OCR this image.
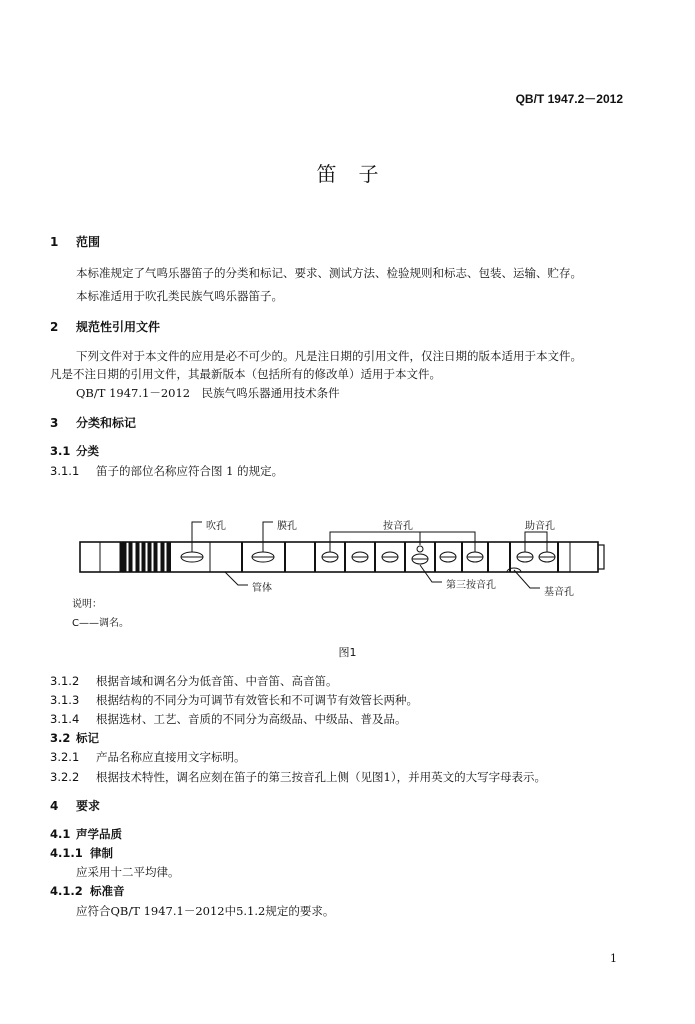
QB/T 1947.2－2012
笛子
1 范围
本标准规定了气鸣乐器笛子的分类和标记、要求、测试方法、检验规则和标志、包装、运输、贮存。
本标准适用于吹孔类民族气鸣乐器笛子。
2 规范性引用文件
下列文件对于本文件的应用是必不可少的。凡是注日期的引用文件，仅注日期的版本适用于本文件。
凡是不注日期的引用文件，其最新版本（包括所有的修改单）适用于本文件。
QB/T 1947.1－2012　民族气鸣乐器通用技术条件
3 分类和标记
3.1 分类
3.1.1 笛子的部位名称应符合图 1 的规定。
吹孔	膜孔	按音孔	助音孔
管体	第三按音孔
基音孔
说明：
C——调名。
图1
3.1.2 根据音域和调名分为低音笛、中音笛、高音笛。
3.1.3 根据结构的不同分为可调节有效管长和不可调节有效管长两种。
3.1.4 根据选材、工艺、音质的不同分为高级品、中级品、普及品。
3.2 标记
3.2.1 产品名称应直接用文字标明。
3.2.2 根据技术特性，调名应刻在笛子的第三按音孔上侧（见图1），并用英文的大写字母表示。
4 要求
4.1 声学品质
4.1.1 律制
应采用十二平均律。
4.1.2 标准音
应符合QB/T 1947.1－2012中5.1.2规定的要求。
1
